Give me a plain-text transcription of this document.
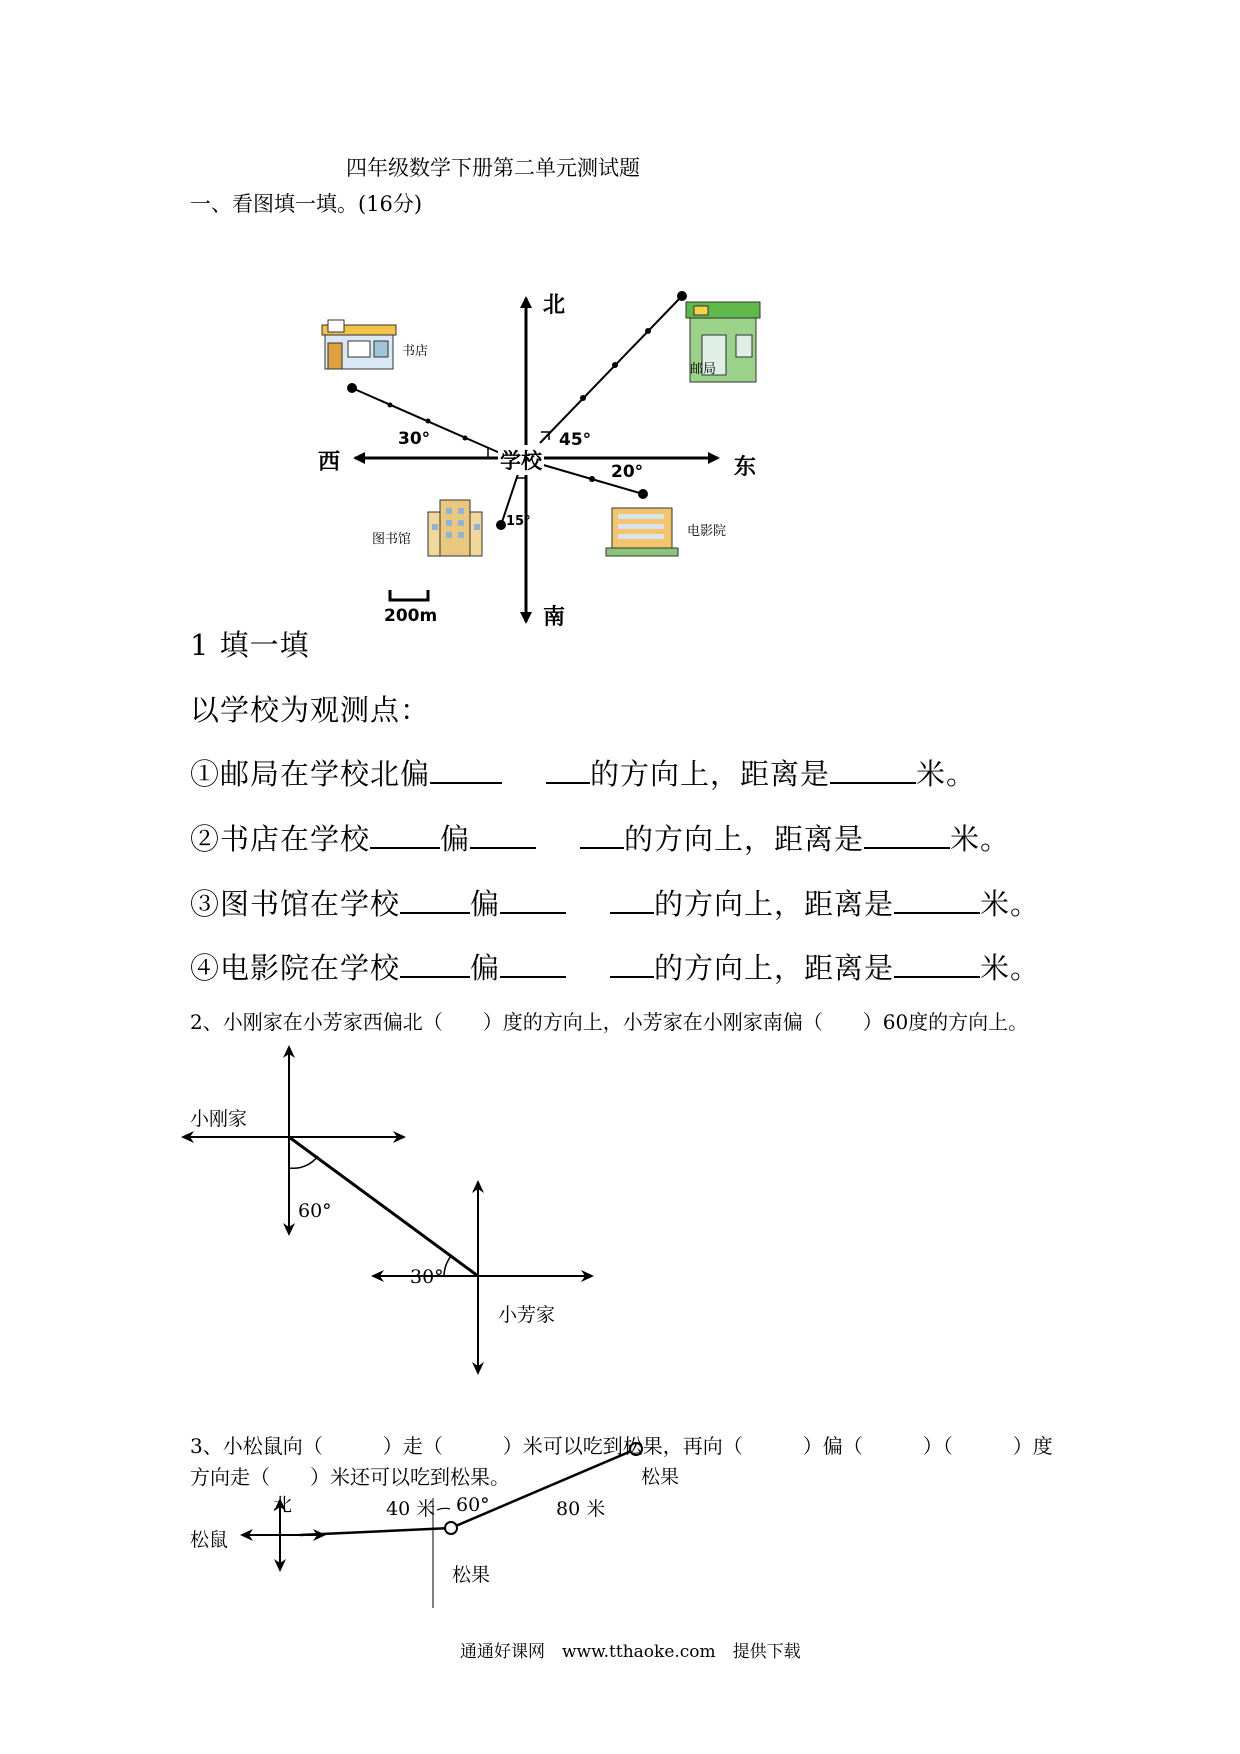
四年级数学下册第二单元测试题
一、看图填一填。(16分)
北
南
西	东
学校
30°	45°
20°
15°
书店
邮局
图书馆
电影院
200m
1 填一填
以学校为观测点：
①邮局在学校北偏	的方向上，距离是	米。
②书店在学校 偏	的方向上，距离是	米。
③图书馆在学校 偏	的方向上，距离是	米。
④电影院在学校 偏	的方向上，距离是	米。
2、小刚家在小芳家西偏北（　　）度的方向上，小芳家在小刚家南偏（　　）60度的方向上。
小刚家
60°
30°
小芳家
3、小松鼠向（　　　）走（　　　）米可以吃到松果，再向（　　　）偏（　　　）（　　　）度
方向走（　　）米还可以吃到松果。	松果
北	40 米 60°	80 米
松鼠
松果
通通好课网　www.tthaoke.com　提供下载
